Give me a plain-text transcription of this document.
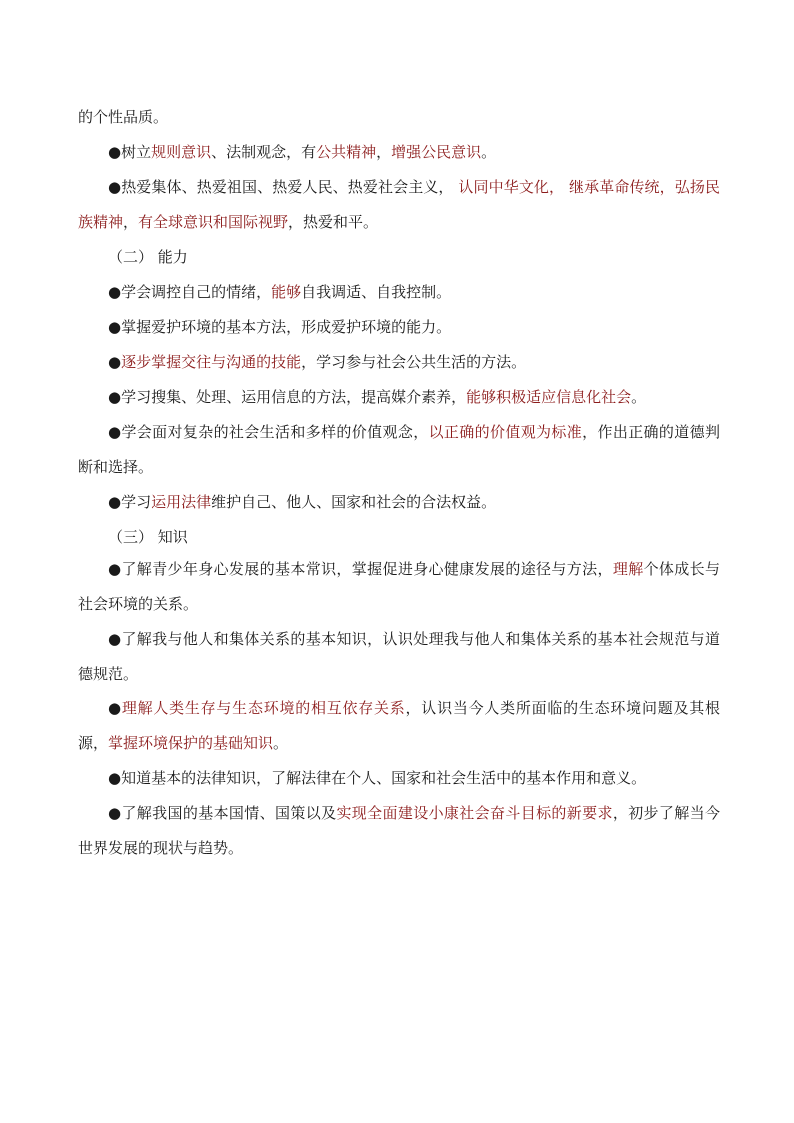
的个性品质。

●树立规则意识、法制观念，有公共精神，增强公民意识。

●热爱集体、热爱祖国、热爱人民、热爱社会主义， 认同中华文化， 继承革命传统，弘扬民族精神，有全球意识和国际视野，热爱和平。

（二） 能力

●学会调控自己的情绪，能够自我调适、自我控制。

●掌握爱护环境的基本方法，形成爱护环境的能力。

●逐步掌握交往与沟通的技能，学习参与社会公共生活的方法。

●学习搜集、处理、运用信息的方法，提高媒介素养，能够积极适应信息化社会。

●学会面对复杂的社会生活和多样的价值观念，以正确的价值观为标准，作出正确的道德判断和选择。

●学习运用法律维护自己、他人、国家和社会的合法权益。

（三） 知识

●了解青少年身心发展的基本常识，掌握促进身心健康发展的途径与方法，理解个体成长与社会环境的关系。

●了解我与他人和集体关系的基本知识，认识处理我与他人和集体关系的基本社会规范与道德规范。

●理解人类生存与生态环境的相互依存关系，认识当今人类所面临的生态环境问题及其根源，掌握环境保护的基础知识。

●知道基本的法律知识，了解法律在个人、国家和社会生活中的基本作用和意义。

●了解我国的基本国情、国策以及实现全面建设小康社会奋斗目标的新要求，初步了解当今世界发展的现状与趋势。
